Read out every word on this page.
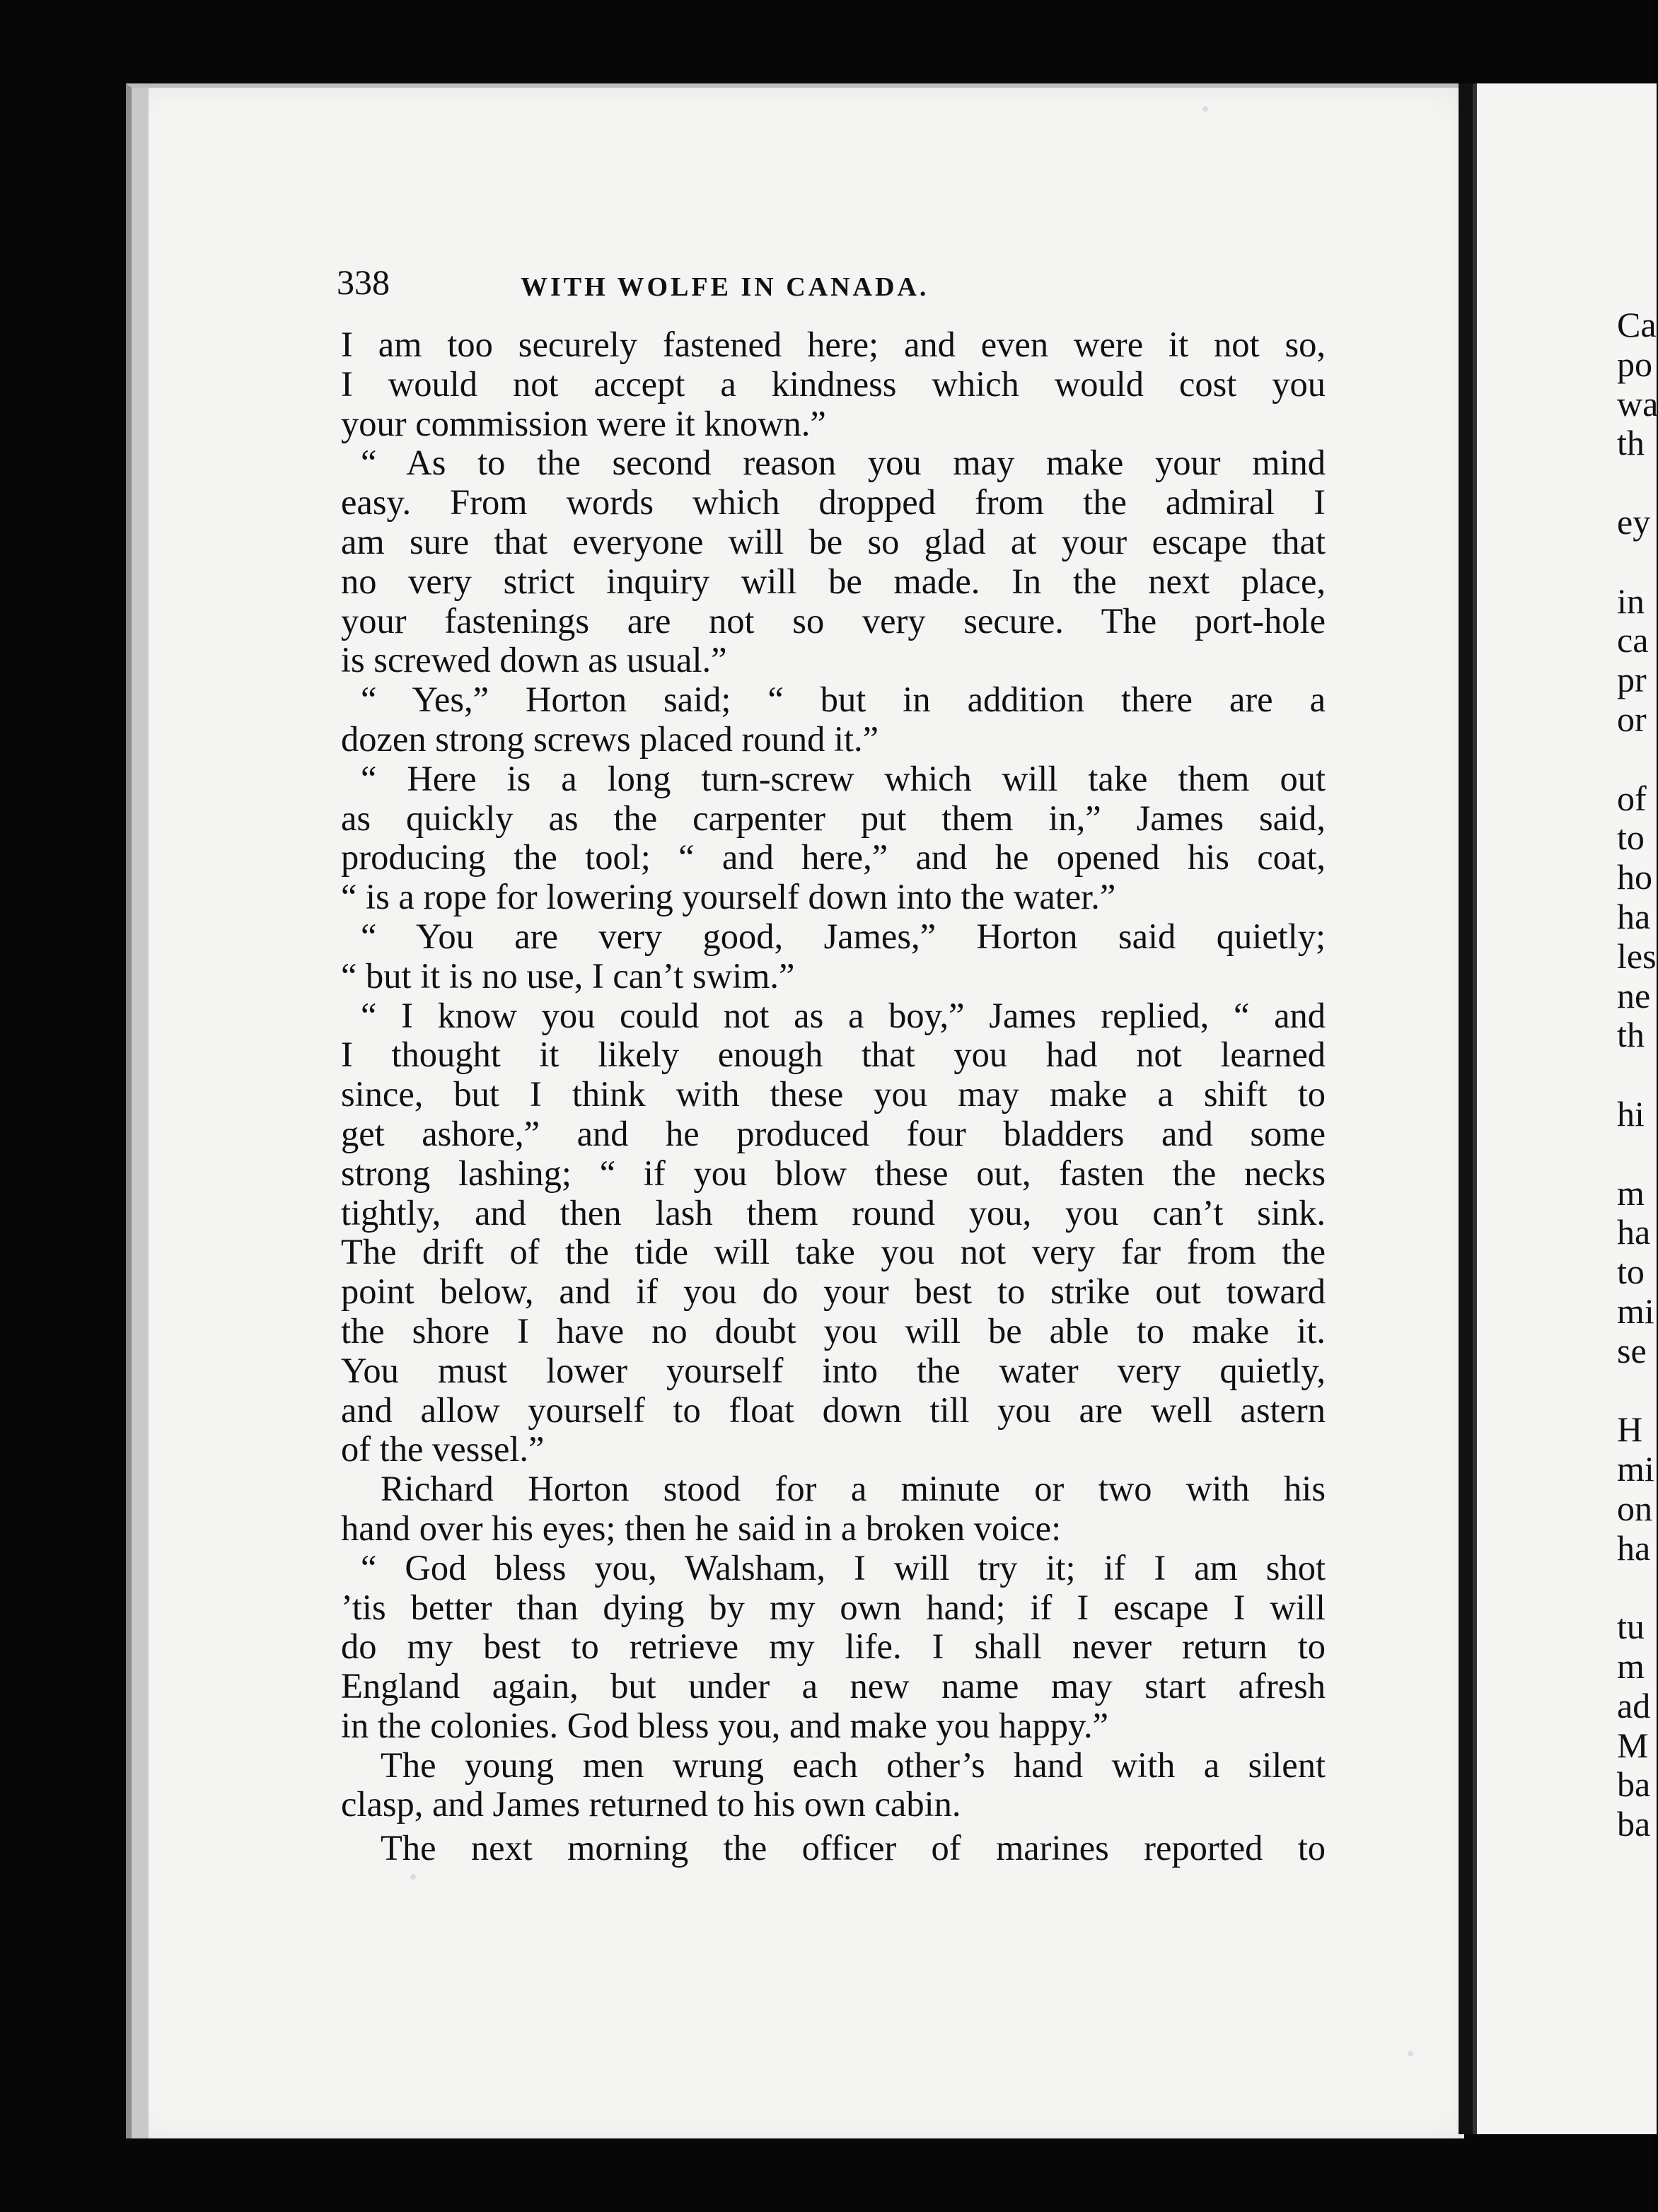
338	WITH WOLFE IN CANADA.
I am too securely fastened here; and even were it not so,
I would not accept a kindness which would cost you
your commission were it known.”
“ As to the second reason you may make your mind
easy. From words which dropped from the admiral I
am sure that everyone will be so glad at your escape that
no very strict inquiry will be made. In the next place,
your fastenings are not so very secure. The port-hole
is screwed down as usual.”
“ Yes,” Horton said; “ but in addition there are a
dozen strong screws placed round it.”
“ Here is a long turn-screw which will take them out
as quickly as the carpenter put them in,” James said,
producing the tool; “ and here,” and he opened his coat,
“ is a rope for lowering yourself down into the water.”
“ You are very good, James,” Horton said quietly;
“ but it is no use, I can’t swim.”
“ I know you could not as a boy,” James replied, “ and
I thought it likely enough that you had not learned
since, but I think with these you may make a shift to
get ashore,” and he produced four bladders and some
strong lashing; “ if you blow these out, fasten the necks
tightly, and then lash them round you, you can’t sink.
The drift of the tide will take you not very far from the
point below, and if you do your best to strike out toward
the shore I have no doubt you will be able to make it.
You must lower yourself into the water very quietly,
and allow yourself to float down till you are well astern
of the vessel.”
Richard Horton stood for a minute or two with his
hand over his eyes; then he said in a broken voice:
“ God bless you, Walsham, I will try it; if I am shot
’tis better than dying by my own hand; if I escape I will
do my best to retrieve my life. I shall never return to
England again, but under a new name may start afresh
in the colonies. God bless you, and make you happy.”
The young men wrung each other’s hand with a silent
clasp, and James returned to his own cabin.
The next morning the officer of marines reported to
Ca
po
wa
th
ey
in
ca
pr
or
of
to
ho
ha
les
ne
th
hi
m
ha
to
mi
se
H
mi
on
ha
tu
m
ad
M
ba
ba
